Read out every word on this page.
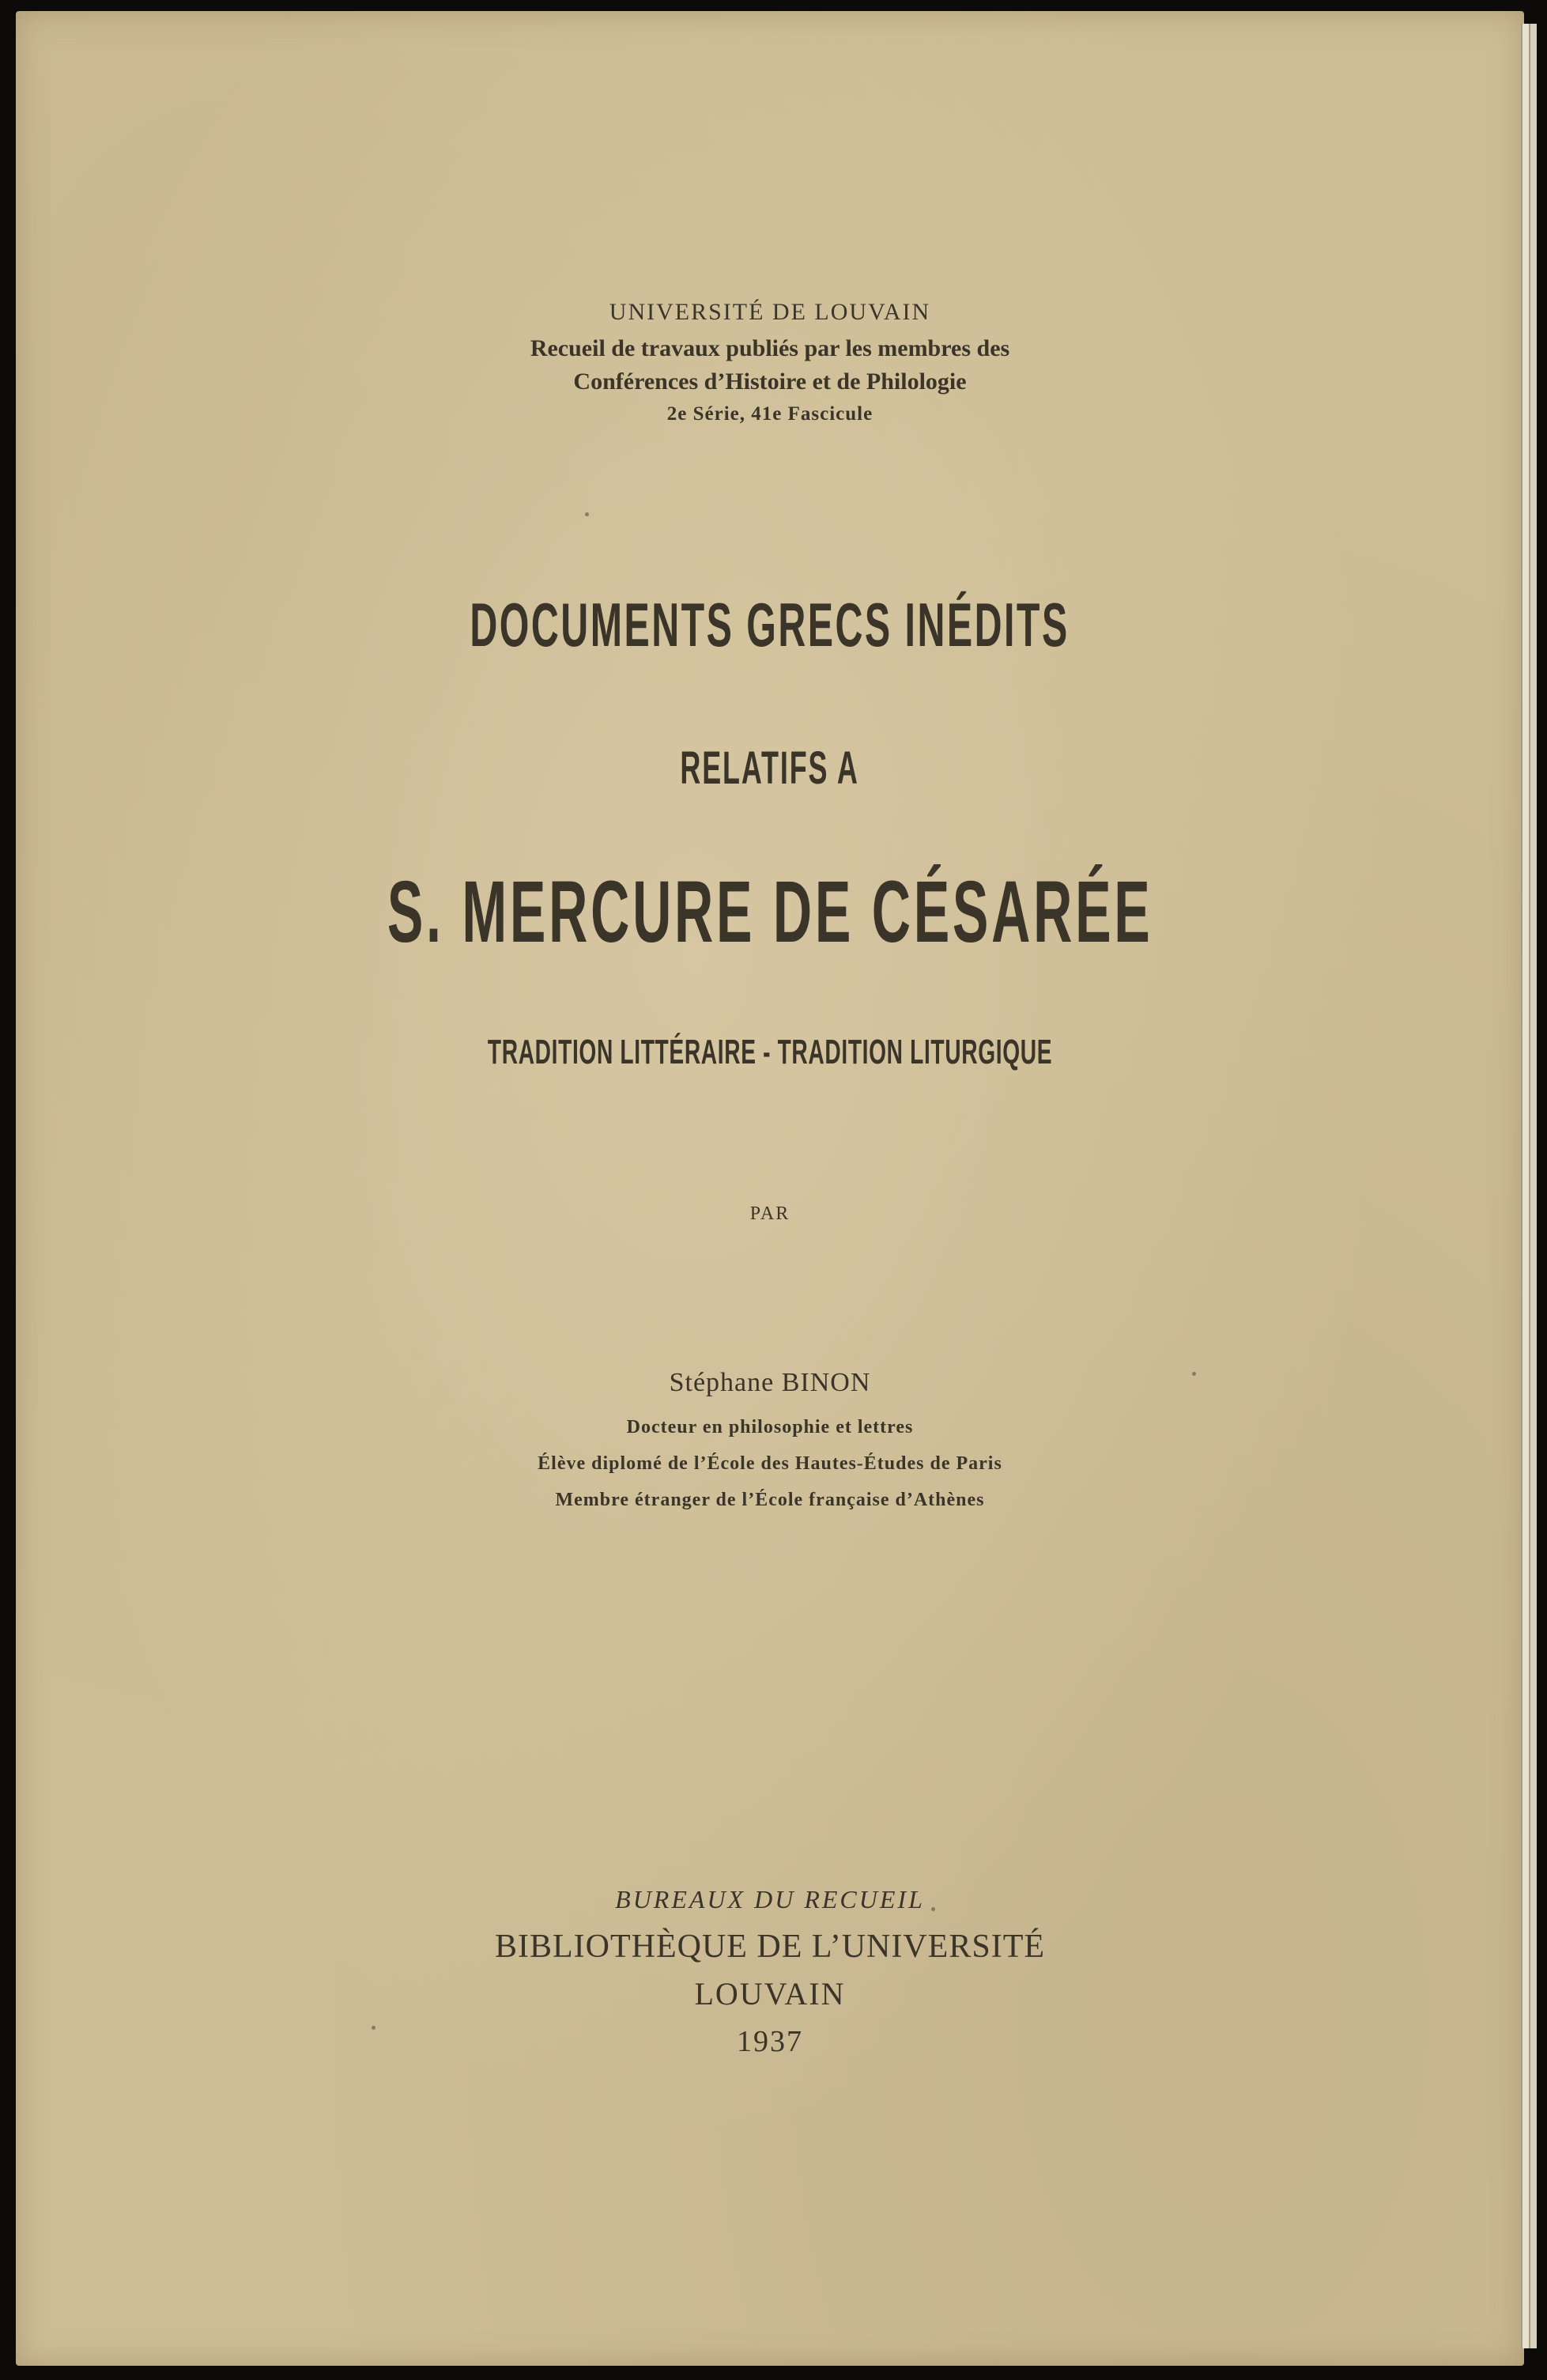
UNIVERSITÉ DE LOUVAIN
Recueil de travaux publiés par les membres des
Conférences d’Histoire et de Philologie
2e Série, 41e Fascicule
DOCUMENTS GRECS INÉDITS
RELATIFS A
S. MERCURE DE CÉSARÉE
TRADITION LITTÉRAIRE - TRADITION LITURGIQUE
PAR
Stéphane BINON
Docteur en philosophie et lettres
Élève diplomé de l’École des Hautes-Études de Paris
Membre étranger de l’École française d’Athènes
BUREAUX DU RECUEIL
BIBLIOTHÈQUE DE L’UNIVERSITÉ
LOUVAIN
1937
